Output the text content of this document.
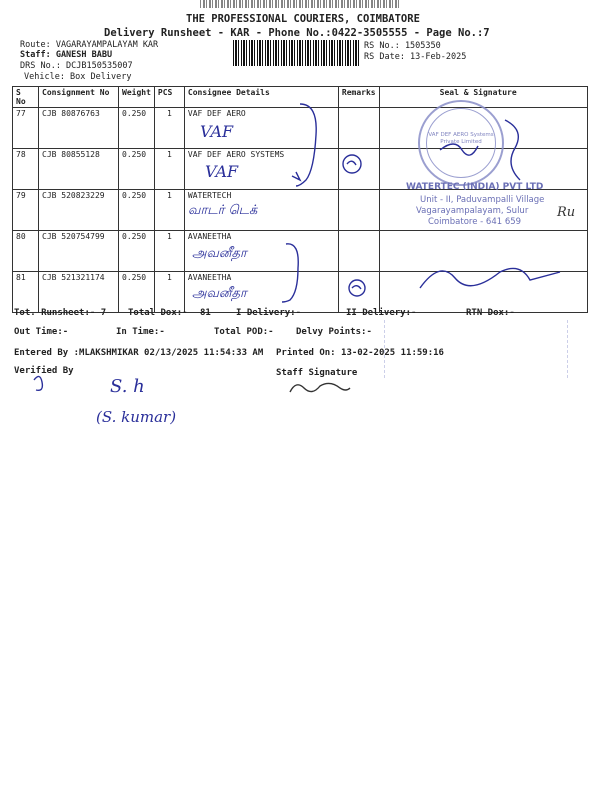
THE PROFESSIONAL COURIERS, COIMBATORE
Delivery Runsheet - KAR - Phone No.:0422-3505555 - Page No.:7
Route: VAGARAYAMPALAYAM KAR
Staff: GANESH BABU
DRS No.: DCJB150535007
Vehicle: Box Delivery
RS No.: 1505350
RS Date: 13-Feb-2025
S No	Consignment No	Weight	PCS	Consignee Details	Remarks	Seal & Signature
77	CJB 80876763	0.250	1	VAF DEF AERO		
78	CJB 80855128	0.250	1	VAF DEF AERO SYSTEMS		
79	CJB 520823229	0.250	1	WATERTECH		
80	CJB 520754799	0.250	1	AVANEETHA		
81	CJB 521321174	0.250	1	AVANEETHA		
VAF
VAF
வாடர் டெக்
அவனீதா
அவனீதா
VAF DEF AERO Systems Private Limited
WATERTEC (INDIA) PVT LTD
Unit - II, Paduvampalli Village
Vagarayampalayam, Sulur
Coimbatore - 641 659
Ru
Tot. Runsheet:- 7 Total Dox:- 81	I Delivery:-	II Delivery:-	RTN Dox:-
Out Time:-	In Time:-	Total POD:- Delvy Points:-
Entered By :MLAKSHMIKAR 02/13/2025 11:54:33 AM Printed On: 13-02-2025 11:59:16
Verified By	Staff Signature
S. h
(S. kumar)
